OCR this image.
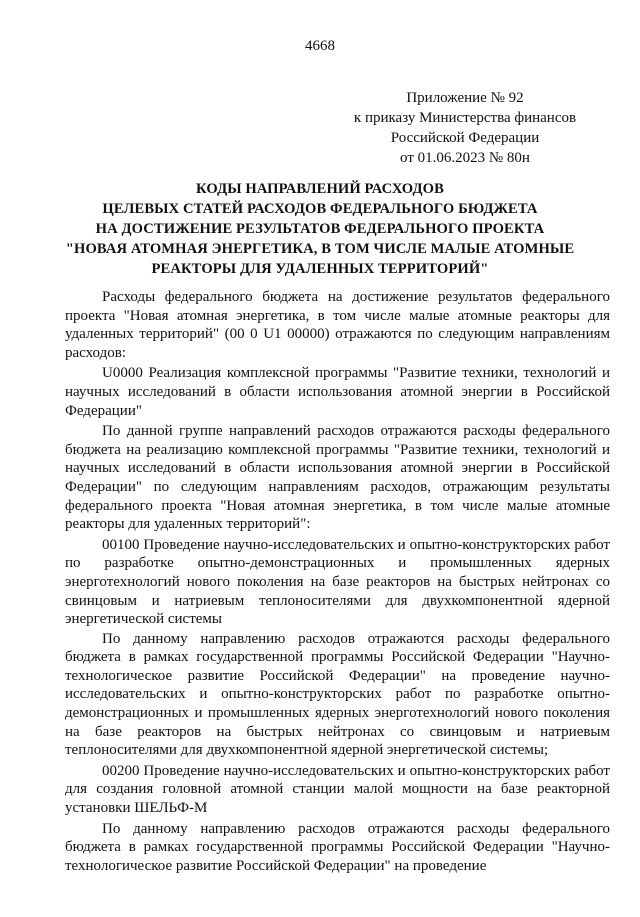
4668
Приложение № 92
к приказу Министерства финансов
Российской Федерации
от 01.06.2023 № 80н
КОДЫ НАПРАВЛЕНИЙ РАСХОДОВ
ЦЕЛЕВЫХ СТАТЕЙ РАСХОДОВ ФЕДЕРАЛЬНОГО БЮДЖЕТА
НА ДОСТИЖЕНИЕ РЕЗУЛЬТАТОВ ФЕДЕРАЛЬНОГО ПРОЕКТА
"НОВАЯ АТОМНАЯ ЭНЕРГЕТИКА, В ТОМ ЧИСЛЕ МАЛЫЕ АТОМНЫЕ
РЕАКТОРЫ ДЛЯ УДАЛЕННЫХ ТЕРРИТОРИЙ"

Расходы федерального бюджета на достижение результатов федерального проекта "Новая атомная энергетика, в том числе малые атомные реакторы для удаленных территорий" (00 0 U1 00000) отражаются по следующим направлениям расходов:

U0000 Реализация комплексной программы "Развитие техники, технологий и научных исследований в области использования атомной энергии в Российской Федерации"

По данной группе направлений расходов отражаются расходы федерального бюджета на реализацию комплексной программы "Развитие техники, технологий и научных исследований в области использования атомной энергии в Российской Федерации" по следующим направлениям расходов, отражающим результаты федерального проекта "Новая атомная энергетика, в том числе малые атомные реакторы для удаленных территорий":

00100 Проведение научно-исследовательских и опытно-конструкторских работ по разработке опытно-демонстрационных и промышленных ядерных энерготехнологий нового поколения на базе реакторов на быстрых нейтронах со свинцовым и натриевым теплоносителями для двухкомпонентной ядерной энергетической системы

По данному направлению расходов отражаются расходы федерального бюджета в рамках государственной программы Российской Федерации "Научно-технологическое развитие Российской Федерации" на проведение научно-исследовательских и опытно-конструкторских работ по разработке опытно-демонстрационных и промышленных ядерных энерготехнологий нового поколения на базе реакторов на быстрых нейтронах со свинцовым и натриевым теплоносителями для двухкомпонентной ядерной энергетической системы;

00200 Проведение научно-исследовательских и опытно-конструкторских работ для создания головной атомной станции малой мощности на базе реакторной установки ШЕЛЬФ-М

По данному направлению расходов отражаются расходы федерального бюджета в рамках государственной программы Российской Федерации "Научно-технологическое развитие Российской Федерации" на проведение
